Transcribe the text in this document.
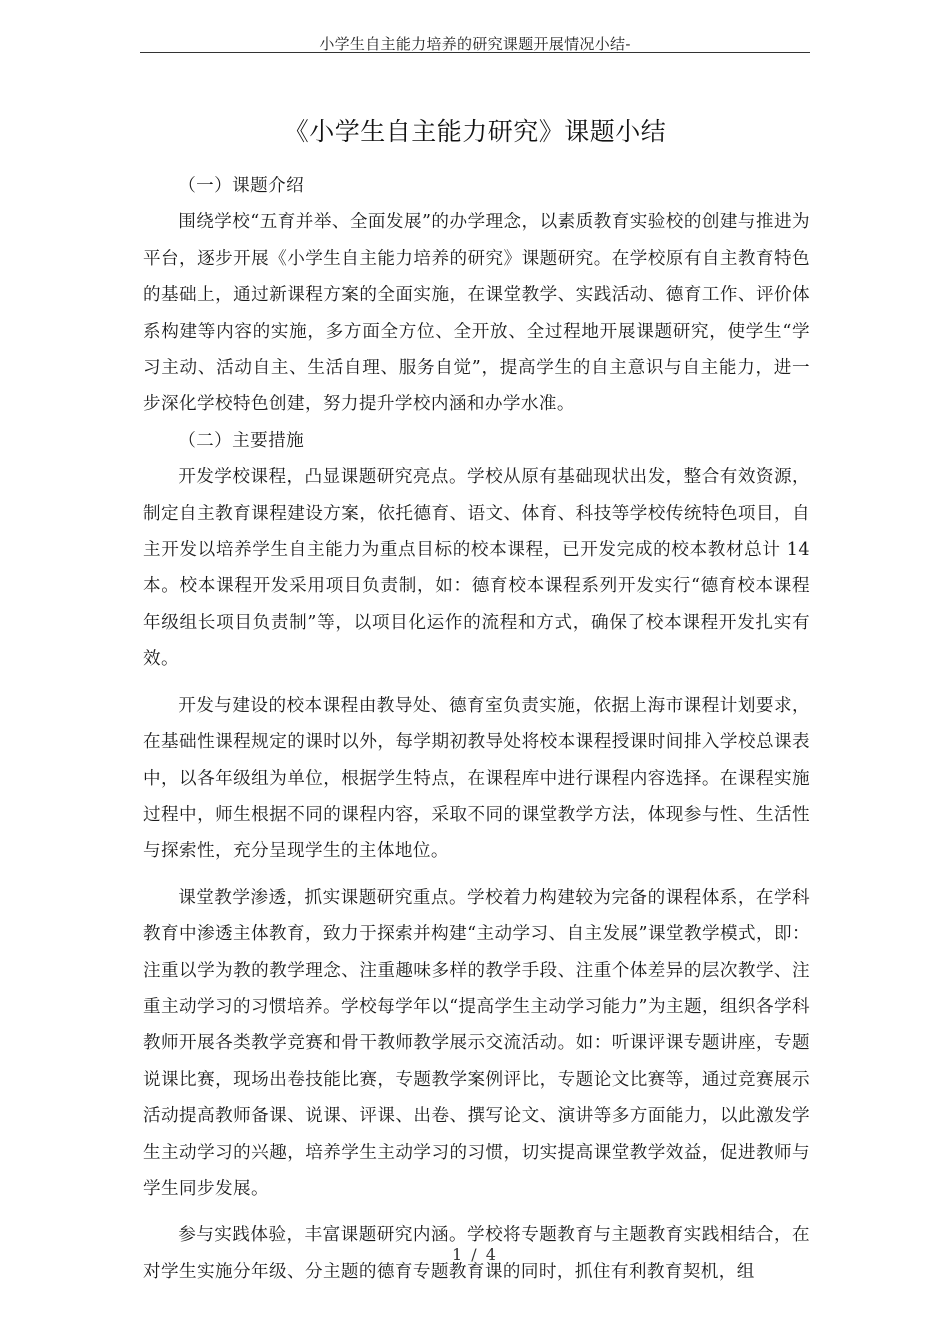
小学生自主能力培养的研究课题开展情况小结-
《小学生自主能力研究》课题小结

（一）课题介绍

围绕学校“五育并举、全面发展”的办学理念，以素质教育实验校的创建与推进为平台，逐步开展《小学生自主能力培养的研究》课题研究。在学校原有自主教育特色的基础上，通过新课程方案的全面实施，在课堂教学、实践活动、德育工作、评价体系构建等内容的实施，多方面全方位、全开放、全过程地开展课题研究，使学生“学习主动、活动自主、生活自理、服务自觉”，提高学生的自主意识与自主能力，进一步深化学校特色创建，努力提升学校内涵和办学水准。

（二）主要措施

开发学校课程，凸显课题研究亮点。学校从原有基础现状出发，整合有效资源，制定自主教育课程建设方案，依托德育、语文、体育、科技等学校传统特色项目，自主开发以培养学生自主能力为重点目标的校本课程，已开发完成的校本教材总计 14 本。校本课程开发采用项目负责制，如：德育校本课程系列开发实行“德育校本课程年级组长项目负责制”等，以项目化运作的流程和方式，确保了校本课程开发扎实有效。

开发与建设的校本课程由教导处、德育室负责实施，依据上海市课程计划要求，在基础性课程规定的课时以外，每学期初教导处将校本课程授课时间排入学校总课表中，以各年级组为单位，根据学生特点，在课程库中进行课程内容选择。在课程实施过程中，师生根据不同的课程内容，采取不同的课堂教学方法，体现参与性、生活性与探索性，充分呈现学生的主体地位。

课堂教学渗透，抓实课题研究重点。学校着力构建较为完备的课程体系，在学科教育中渗透主体教育，致力于探索并构建“主动学习、自主发展”课堂教学模式，即：注重以学为教的教学理念、注重趣味多样的教学手段、注重个体差异的层次教学、注重主动学习的习惯培养。学校每学年以“提高学生主动学习能力”为主题，组织各学科教师开展各类教学竞赛和骨干教师教学展示交流活动。如：听课评课专题讲座，专题说课比赛，现场出卷技能比赛，专题教学案例评比，专题论文比赛等，通过竞赛展示活动提高教师备课、说课、评课、出卷、撰写论文、演讲等多方面能力，以此激发学生主动学习的兴趣，培养学生主动学习的习惯，切实提高课堂教学效益，促进教师与学生同步发展。

参与实践体验，丰富课题研究内涵。学校将专题教育与主题教育实践相结合，在对学生实施分年级、分主题的德育专题教育课的同时，抓住有利教育契机，组

1 / 4
